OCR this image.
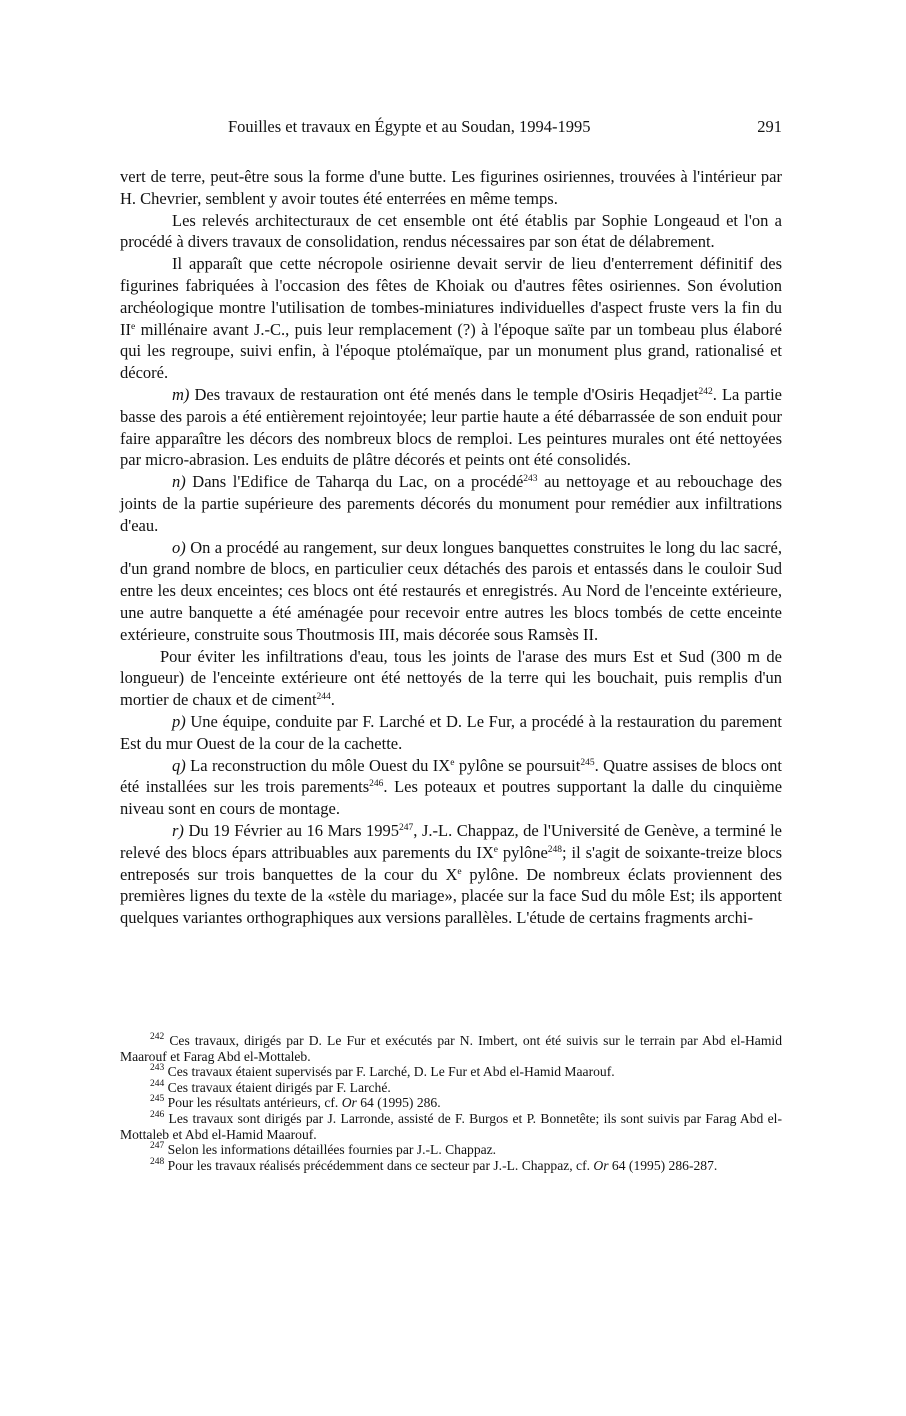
Fouilles et travaux en Égypte et au Soudan, 1994-1995	291

vert de terre, peut-être sous la forme d'une butte. Les figurines osiriennes, trouvées à l'intérieur par H. Chevrier, semblent y avoir toutes été enterrées en même temps.

Les relevés architecturaux de cet ensemble ont été établis par Sophie Longeaud et l'on a procédé à divers travaux de consolidation, rendus nécessaires par son état de délabrement.

Il apparaît que cette nécropole osirienne devait servir de lieu d'enterrement définitif des figurines fabriquées à l'occasion des fêtes de Khoiak ou d'autres fêtes osiriennes. Son évolution archéologique montre l'utilisation de tombes-miniatures individuelles d'aspect fruste vers la fin du IIe millénaire avant J.-C., puis leur remplacement (?) à l'époque saïte par un tombeau plus élaboré qui les regroupe, suivi enfin, à l'époque ptolémaïque, par un monument plus grand, rationalisé et décoré.

m) Des travaux de restauration ont été menés dans le temple d'Osiris Heqadjet$^{242}$. La partie basse des parois a été entièrement rejointoyée; leur partie haute a été débarrassée de son enduit pour faire apparaître les décors des nombreux blocs de remploi. Les peintures murales ont été nettoyées par micro-abrasion. Les enduits de plâtre décorés et peints ont été consolidés.

n) Dans l'Edifice de Taharqa du Lac, on a procédé$^{243}$ au nettoyage et au rebouchage des joints de la partie supérieure des parements décorés du monument pour remédier aux infiltrations d'eau.

o) On a procédé au rangement, sur deux longues banquettes construites le long du lac sacré, d'un grand nombre de blocs, en particulier ceux détachés des parois et entassés dans le couloir Sud entre les deux enceintes; ces blocs ont été restaurés et enregistrés. Au Nord de l'enceinte extérieure, une autre banquette a été aménagée pour recevoir entre autres les blocs tombés de cette enceinte extérieure, construite sous Thoutmosis III, mais décorée sous Ramsès II.

Pour éviter les infiltrations d'eau, tous les joints de l'arase des murs Est et Sud (300 m de longueur) de l'enceinte extérieure ont été nettoyés de la terre qui les bouchait, puis remplis d'un mortier de chaux et de ciment$^{244}$.

p) Une équipe, conduite par F. Larché et D. Le Fur, a procédé à la restauration du parement Est du mur Ouest de la cour de la cachette.

q) La reconstruction du môle Ouest du IXe pylône se poursuit$^{245}$. Quatre assises de blocs ont été installées sur les trois parements$^{246}$. Les poteaux et poutres supportant la dalle du cinquième niveau sont en cours de montage.

r) Du 19 Février au 16 Mars 1995$^{247}$, J.-L. Chappaz, de l'Université de Genève, a terminé le relevé des blocs épars attribuables aux parements du IXe pylône$^{248}$; il s'agit de soixante-treize blocs entreposés sur trois banquettes de la cour du Xe pylône. De nombreux éclats proviennent des premières lignes du texte de la «stèle du mariage», placée sur la face Sud du môle Est; ils apportent quelques variantes orthographiques aux versions parallèles. L'étude de certains fragments archi-

$^{242}$ Ces travaux, dirigés par D. Le Fur et exécutés par N. Imbert, ont été suivis sur le terrain par Abd el-Hamid Maarouf et Farag Abd el-Mottaleb.

$^{243}$ Ces travaux étaient supervisés par F. Larché, D. Le Fur et Abd el-Hamid Maarouf.

$^{244}$ Ces travaux étaient dirigés par F. Larché.

$^{245}$ Pour les résultats antérieurs, cf. Or 64 (1995) 286.

$^{246}$ Les travaux sont dirigés par J. Larronde, assisté de F. Burgos et P. Bonnetête; ils sont suivis par Farag Abd el-Mottaleb et Abd el-Hamid Maarouf.

$^{247}$ Selon les informations détaillées fournies par J.-L. Chappaz.

$^{248}$ Pour les travaux réalisés précédemment dans ce secteur par J.-L. Chappaz, cf. Or 64 (1995) 286-287.
